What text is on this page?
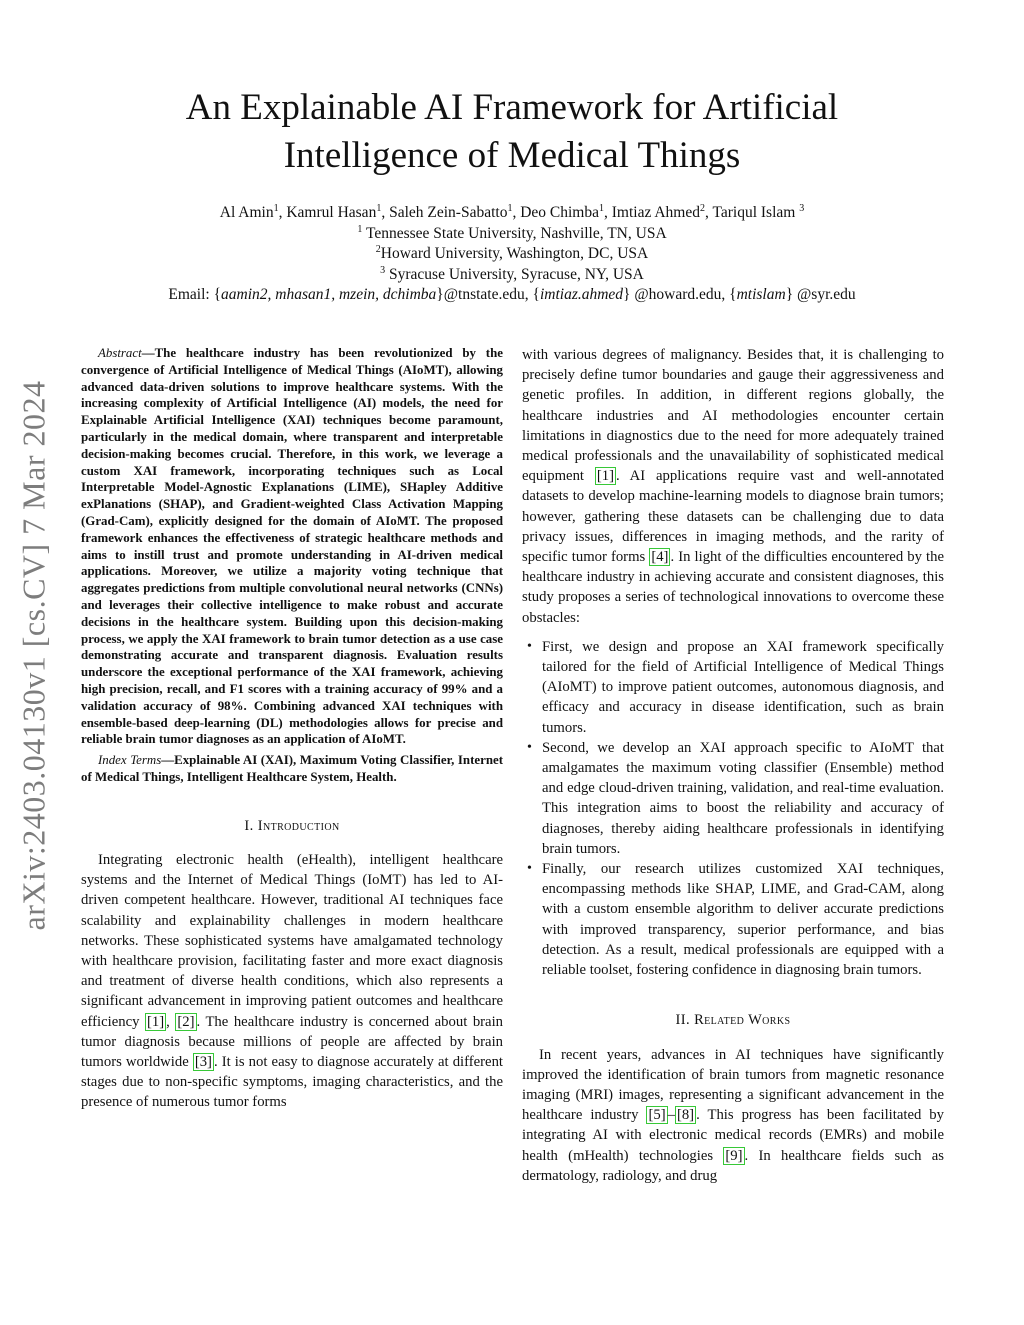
arXiv:2403.04130v1 [cs.CV] 7 Mar 2024
An Explainable AI Framework for Artificial
Intelligence of Medical Things
Al Amin$^1$, Kamrul Hasan$^1$, Saleh Zein-Sabatto$^1$, Deo Chimba$^1$, Imtiaz Ahmed$^2$, Tariqul Islam $^3$
$^1$ Tennessee State University, Nashville, TN, USA
$^2$Howard University, Washington, DC, USA
$^3$ Syracuse University, Syracuse, NY, USA
Email: {aamin2, mhasan1, mzein, dchimba}@tnstate.edu, {imtiaz.ahmed} @howard.edu, {mtislam} @syr.edu

Abstract—The healthcare industry has been revolutionized by the convergence of Artificial Intelligence of Medical Things (AIoMT), allowing advanced data-driven solutions to improve healthcare systems. With the increasing complexity of Artificial Intelligence (AI) models, the need for Explainable Artificial Intelligence (XAI) techniques become paramount, particularly in the medical domain, where transparent and interpretable decision-making becomes crucial. Therefore, in this work, we leverage a custom XAI framework, incorporating techniques such as Local Interpretable Model-Agnostic Explanations (LIME), SHapley Additive exPlanations (SHAP), and Gradient-weighted Class Activation Mapping (Grad-Cam), explicitly designed for the domain of AIoMT. The proposed framework enhances the effectiveness of strategic healthcare methods and aims to instill trust and promote understanding in AI-driven medical applications. Moreover, we utilize a majority voting technique that aggregates predictions from multiple convolutional neural networks (CNNs) and leverages their collective intelligence to make robust and accurate decisions in the healthcare system. Building upon this decision-making process, we apply the XAI framework to brain tumor detection as a use case demonstrating accurate and transparent diagnosis. Evaluation results underscore the exceptional performance of the XAI framework, achieving high precision, recall, and F1 scores with a training accuracy of 99% and a validation accuracy of 98%. Combining advanced XAI techniques with ensemble-based deep-learning (DL) methodologies allows for precise and reliable brain tumor diagnoses as an application of AIoMT.

Index Terms—Explainable AI (XAI), Maximum Voting Classifier, Internet of Medical Things, Intelligent Healthcare System, Health.

I. Introduction

Integrating electronic health (eHealth), intelligent healthcare systems and the Internet of Medical Things (IoMT) has led to AI-driven competent healthcare. However, traditional AI techniques face scalability and explainability challenges in modern healthcare networks. These sophisticated systems have amalgamated technology with healthcare provision, facilitating faster and more exact diagnosis and treatment of diverse health conditions, which also represents a significant advancement in improving patient outcomes and healthcare efficiency [1] , [2] . The healthcare industry is concerned about brain tumor diagnosis because millions of people are affected by brain tumors worldwide [3] . It is not easy to diagnose accurately at different stages due to non-specific symptoms, imaging characteristics, and the presence of numerous tumor forms

with various degrees of malignancy. Besides that, it is challenging to precisely define tumor boundaries and gauge their aggressiveness and genetic profiles. In addition, in different regions globally, the healthcare industries and AI methodologies encounter certain limitations in diagnostics due to the need for more adequately trained medical professionals and the unavailability of sophisticated medical equipment [1] . AI applications require vast and well-annotated datasets to develop machine-learning models to diagnose brain tumors; however, gathering these datasets can be challenging due to data privacy issues, differences in imaging methods, and the rarity of specific tumor forms [4] . In light of the difficulties encountered by the healthcare industry in achieving accurate and consistent diagnoses, this study proposes a series of technological innovations to overcome these obstacles:

• First, we design and propose an XAI framework specifically tailored for the field of Artificial Intelligence of Medical Things (AIoMT) to improve patient outcomes, autonomous diagnosis, and efficacy and accuracy in disease identification, such as brain tumors.
• Second, we develop an XAI approach specific to AIoMT that amalgamates the maximum voting classifier (Ensemble) method and edge cloud-driven training, validation, and real-time evaluation. This integration aims to boost the reliability and accuracy of diagnoses, thereby aiding healthcare professionals in identifying brain tumors.
• Finally, our research utilizes customized XAI techniques, encompassing methods like SHAP, LIME, and Grad-CAM, along with a custom ensemble algorithm to deliver accurate predictions with improved transparency, superior performance, and bias detection. As a result, medical professionals are equipped with a reliable toolset, fostering confidence in diagnosing brain tumors.
II. Related Works

In recent years, advances in AI techniques have significantly improved the identification of brain tumors from magnetic resonance imaging (MRI) images, representing a significant advancement in the healthcare industry [5] – [8] . This progress has been facilitated by integrating AI with electronic medical records (EMRs) and mobile health (mHealth) technologies [9] . In healthcare fields such as dermatology, radiology, and drug
